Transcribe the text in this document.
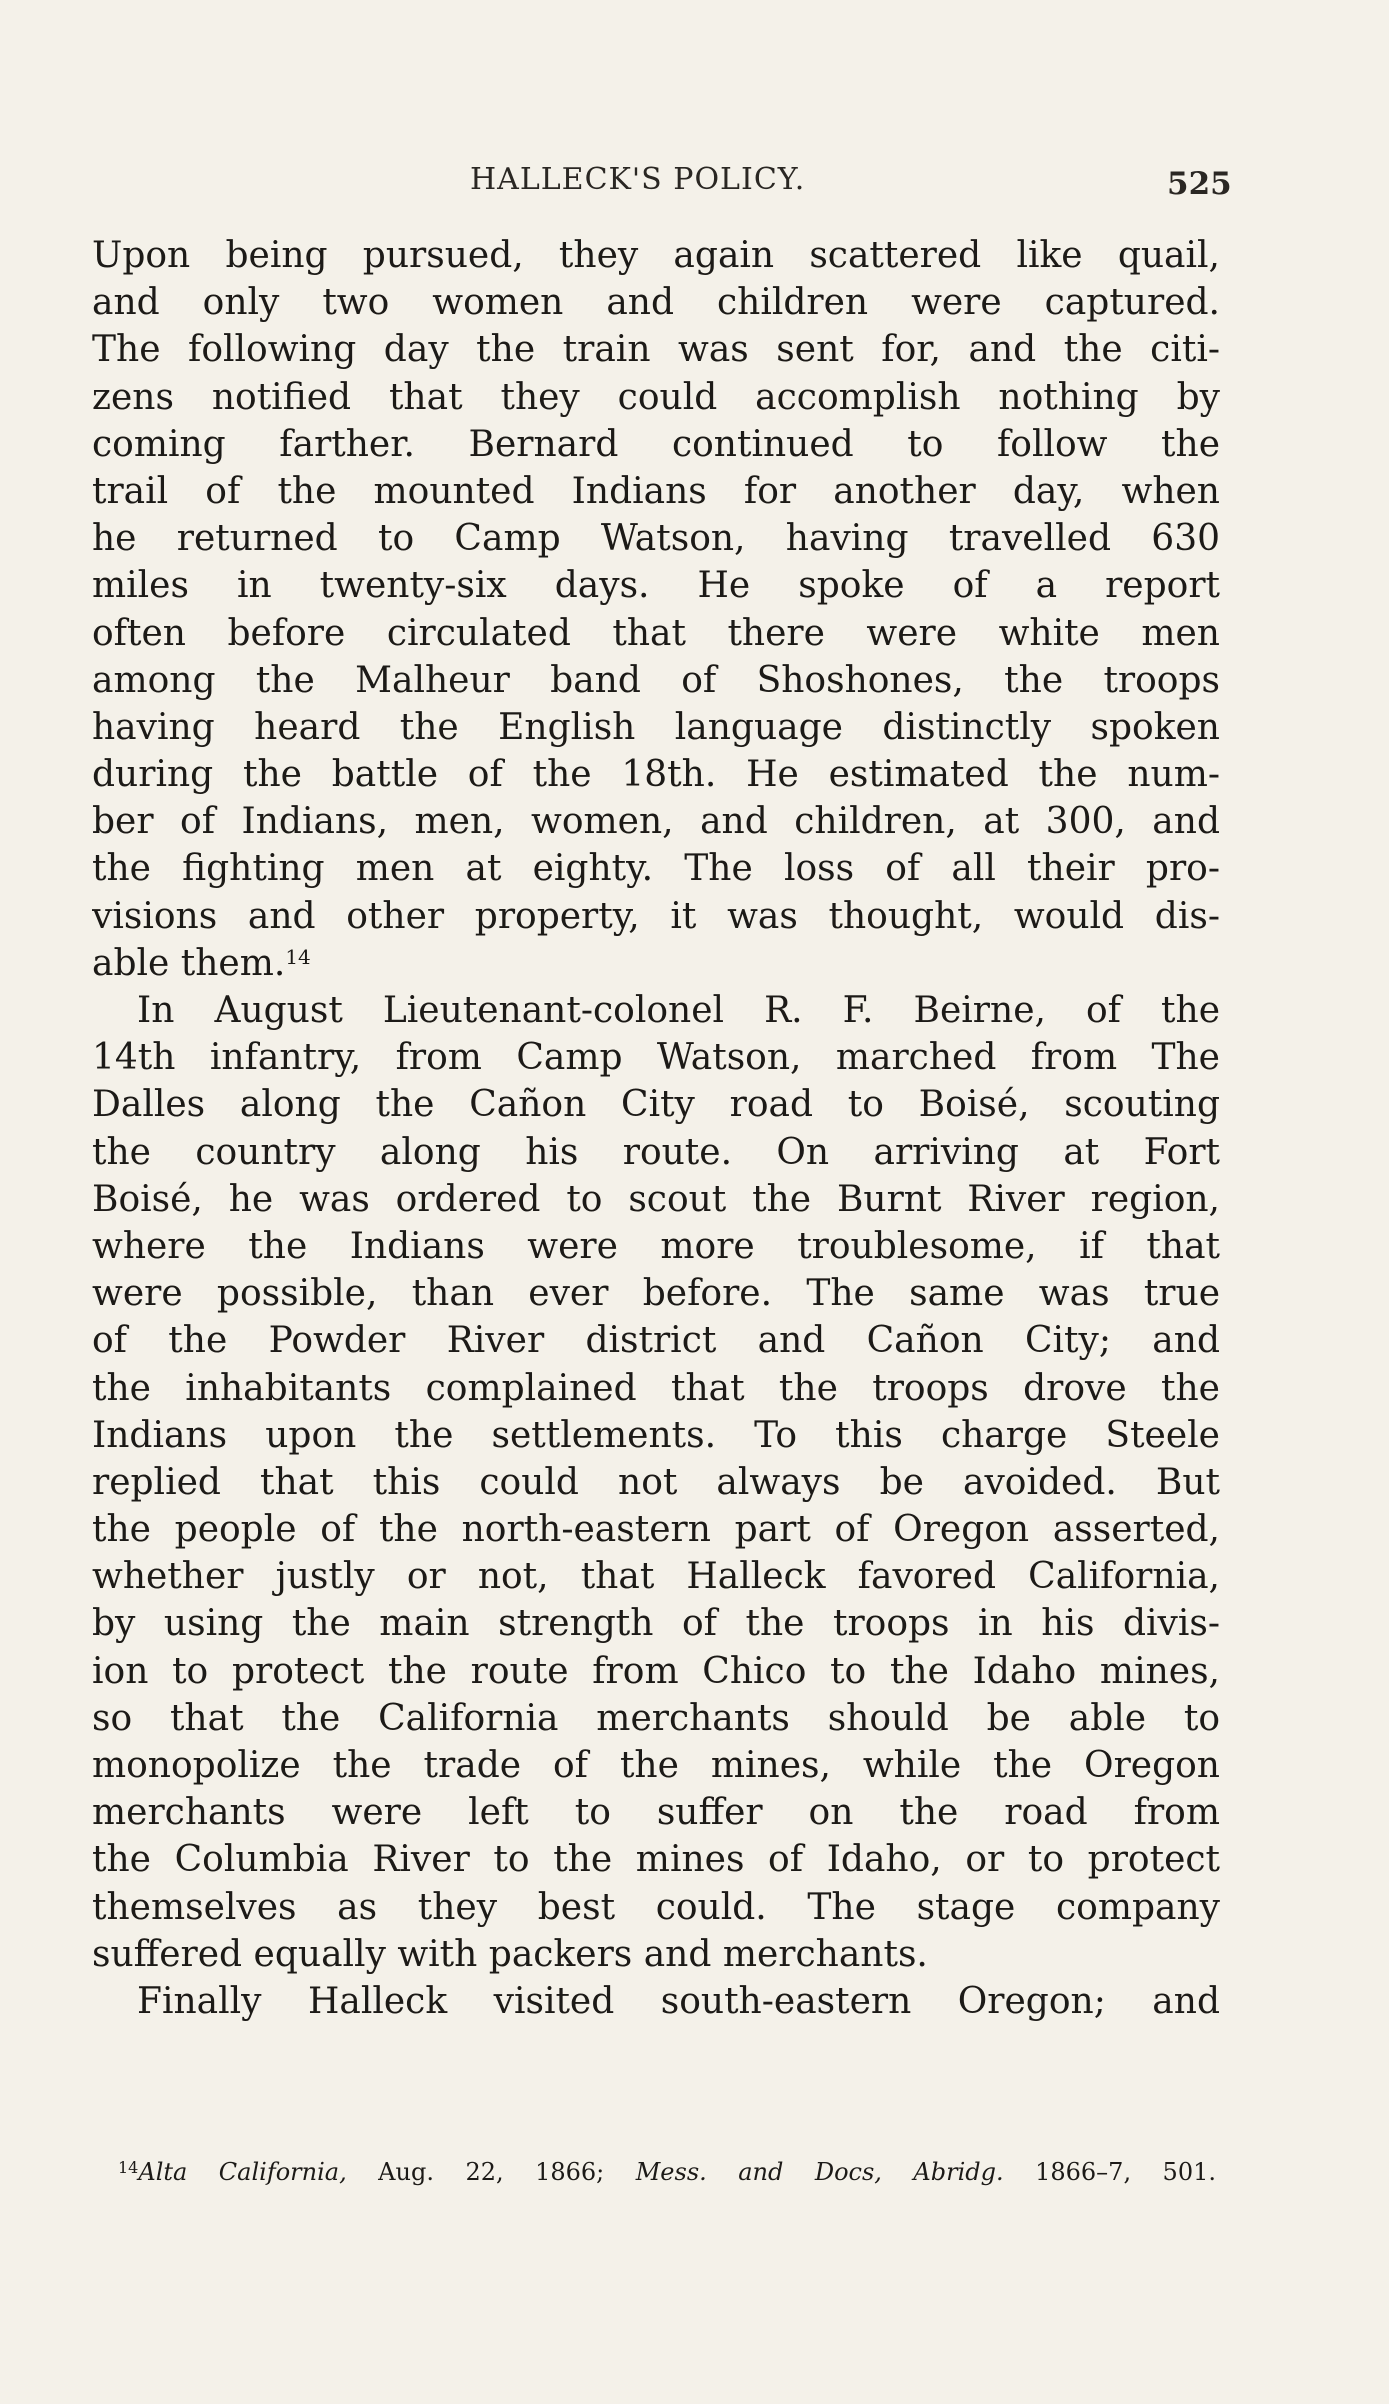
HALLECK'S POLICY.	525
Upon being pursued, they again scattered like quail,
and only two women and children were captured.
The following day the train was sent for, and the citi-
zens notified that they could accomplish nothing by
coming farther. Bernard continued to follow the
trail of the mounted Indians for another day, when
he returned to Camp Watson, having travelled 630
miles in twenty-six days. He spoke of a report
often before circulated that there were white men
among the Malheur band of Shoshones, the troops
having heard the English language distinctly spoken
during the battle of the 18th. He estimated the num-
ber of Indians, men, women, and children, at 300, and
the fighting men at eighty. The loss of all their pro-
visions and other property, it was thought, would dis-
able them.$^{14}$
In August Lieutenant-colonel R. F. Beirne, of the
14th infantry, from Camp Watson, marched from The
Dalles along the Cañon City road to Boisé, scouting
the country along his route. On arriving at Fort
Boisé, he was ordered to scout the Burnt River region,
where the Indians were more troublesome, if that
were possible, than ever before. The same was true
of the Powder River district and Cañon City; and
the inhabitants complained that the troops drove the
Indians upon the settlements. To this charge Steele
replied that this could not always be avoided. But
the people of the north-eastern part of Oregon asserted,
whether justly or not, that Halleck favored California,
by using the main strength of the troops in his divis-
ion to protect the route from Chico to the Idaho mines,
so that the California merchants should be able to
monopolize the trade of the mines, while the Oregon
merchants were left to suffer on the road from
the Columbia River to the mines of Idaho, or to protect
themselves as they best could. The stage company
suffered equally with packers and merchants.
Finally Halleck visited south-eastern Oregon; and
$^{14}$Alta California, Aug. 22, 1866; Mess. and Docs, Abridg. 1866–7, 501.
